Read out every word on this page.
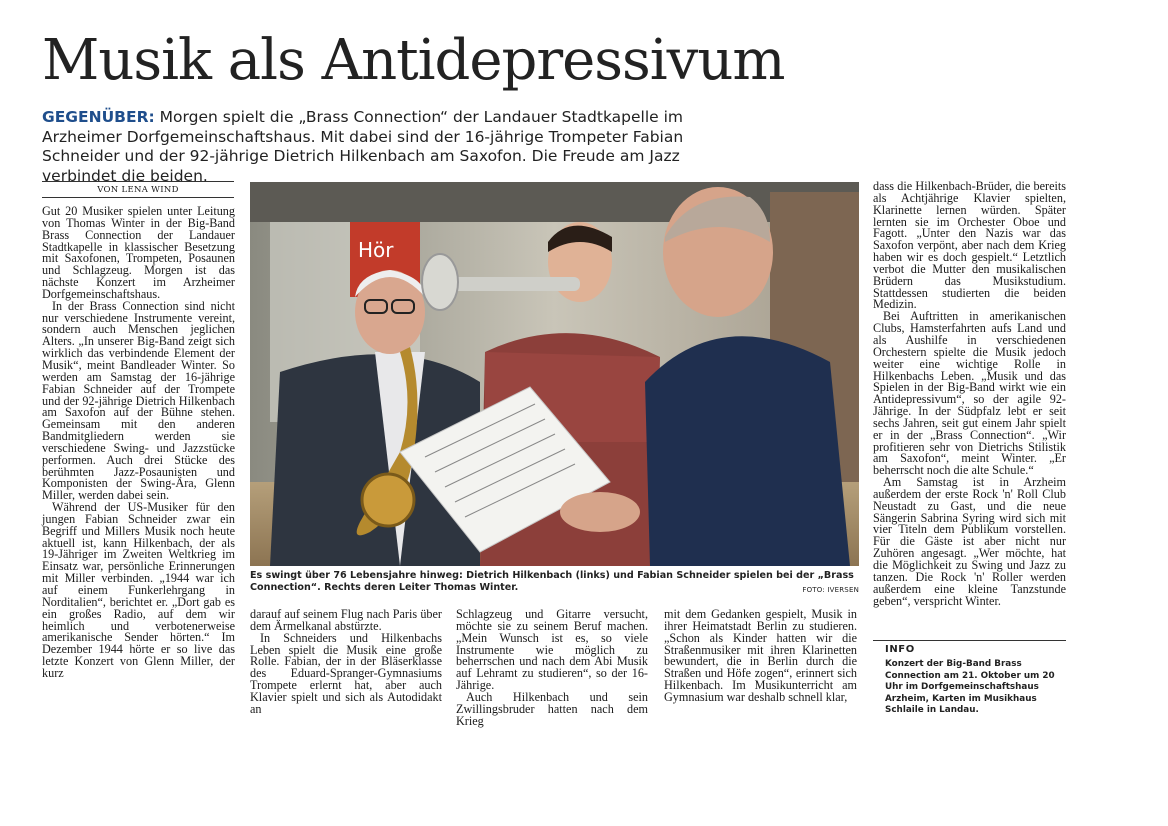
Musik als Antidepressivum
GEGENÜBER: Morgen spielt die „Brass Connection“ der Landauer Stadtkapelle im Arzheimer Dorfgemeinschaftshaus. Mit dabei sind der 16-jährige Trompeter Fabian Schneider und der 92-jährige Dietrich Hilkenbach am Saxofon. Die Freude am Jazz verbindet die beiden.
VON LENA WIND

Gut 20 Musiker spielen unter Leitung von Thomas Winter in der Big-Band Brass Connection der Landauer Stadtkapelle in klassischer Besetzung mit Saxofonen, Trompeten, Posaunen und Schlagzeug. Morgen ist das nächste Konzert im Arzheimer Dorfgemeinschaftshaus.

In der Brass Connection sind nicht nur verschiedene Instrumente vereint, sondern auch Menschen jeglichen Alters. „In unserer Big-Band zeigt sich wirklich das verbindende Element der Musik“, meint Bandleader Winter. So werden am Samstag der 16-jährige Fabian Schneider auf der Trompete und der 92-jährige Dietrich Hilkenbach am Saxofon auf der Bühne stehen. Gemeinsam mit den anderen Bandmitgliedern werden sie verschiedene Swing- und Jazzstücke performen. Auch drei Stücke des berühmten Jazz-Posaunisten und Komponisten der Swing-Ära, Glenn Miller, werden dabei sein.

Während der US-Musiker für den jungen Fabian Schneider zwar ein Begriff und Millers Musik noch heute aktuell ist, kann Hilkenbach, der als 19-Jähriger im Zweiten Weltkrieg im Einsatz war, persönliche Erinnerungen mit Miller verbinden. „1944 war ich auf einem Funkerlehrgang in Norditalien“, berichtet er. „Dort gab es ein großes Radio, auf dem wir heimlich und verbotenerweise amerikanische Sender hörten.“ Im Dezember 1944 hörte er so live das letzte Konzert von Glenn Miller, der kurz

Hör
Es swingt über 76 Lebensjahre hinweg: Dietrich Hilkenbach (links) und Fabian Schneider spielen bei der „Brass Connection“. Rechts deren Leiter Thomas Winter.	FOTO: IVERSEN

darauf auf seinem Flug nach Paris über dem Ärmelkanal abstürzte.

In Schneiders und Hilkenbachs Leben spielt die Musik eine große Rolle. Fabian, der in der Bläserklasse des Eduard-Spranger-Gymnasiums Trompete erlernt hat, aber auch Klavier spielt und sich als Autodidakt an

Schlagzeug und Gitarre versucht, möchte sie zu seinem Beruf machen. „Mein Wunsch ist es, so viele Instrumente wie möglich zu beherrschen und nach dem Abi Musik auf Lehramt zu studieren“, so der 16-Jährige.

Auch Hilkenbach und sein Zwillingsbruder hatten nach dem Krieg

mit dem Gedanken gespielt, Musik in ihrer Heimatstadt Berlin zu studieren. „Schon als Kinder hatten wir die Straßenmusiker mit ihren Klarinetten bewundert, die in Berlin durch die Straßen und Höfe zogen“, erinnert sich Hilkenbach. Im Musikunterricht am Gymnasium war deshalb schnell klar,

dass die Hilkenbach-Brüder, die bereits als Achtjährige Klavier spielten, Klarinette lernen würden. Später lernten sie im Orchester Oboe und Fagott. „Unter den Nazis war das Saxofon verpönt, aber nach dem Krieg haben wir es doch gespielt.“ Letztlich verbot die Mutter den musikalischen Brüdern das Musikstudium. Stattdessen studierten die beiden Medizin.

Bei Auftritten in amerikanischen Clubs, Hamsterfahrten aufs Land und als Aushilfe in verschiedenen Orchestern spielte die Musik jedoch weiter eine wichtige Rolle in Hilkenbachs Leben. „Musik und das Spielen in der Big-Band wirkt wie ein Antidepressivum“, so der agile 92-Jährige. In der Südpfalz lebt er seit sechs Jahren, seit gut einem Jahr spielt er in der „Brass Connection“. „Wir profitieren sehr von Dietrichs Stilistik am Saxofon“, meint Winter. „Er beherrscht noch die alte Schule.“

Am Samstag ist in Arzheim außerdem der erste Rock 'n' Roll Club Neustadt zu Gast, und die neue Sängerin Sabrina Syring wird sich mit vier Titeln dem Publikum vorstellen. Für die Gäste ist aber nicht nur Zuhören angesagt. „Wer möchte, hat die Möglichkeit zu Swing und Jazz zu tanzen. Die Rock 'n' Roller werden außerdem eine kleine Tanzstunde geben“, verspricht Winter.

INFO
Konzert der Big-Band Brass Connection am 21. Oktober um 20 Uhr im Dorfgemeinschaftshaus Arzheim, Karten im Musikhaus Schlaile in Landau.
